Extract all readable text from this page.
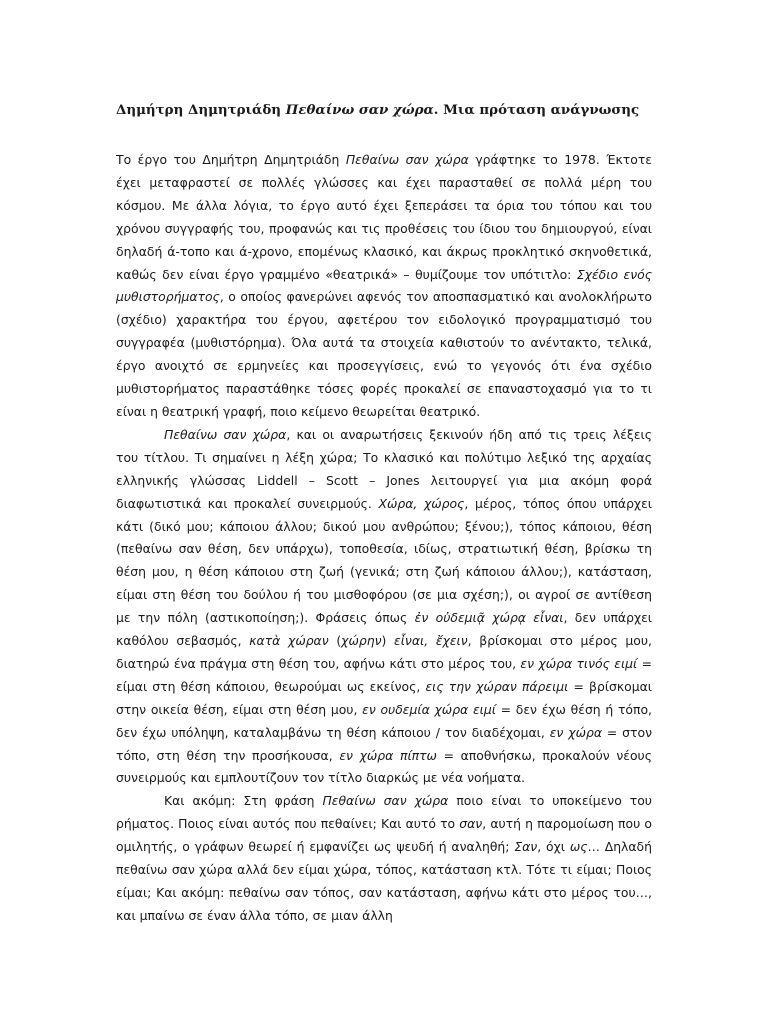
Δημήτρη Δημητριάδη Πεθαίνω σαν χώρα. Μια πρόταση ανάγνωσης

Το έργο του Δημήτρη Δημητριάδη Πεθαίνω σαν χώρα γράφτηκε το 1978. Έκτοτε έχει μεταφραστεί σε πολλές γλώσσες και έχει παρασταθεί σε πολλά μέρη του κόσμου. Με άλλα λόγια, το έργο αυτό έχει ξεπεράσει τα όρια του τόπου και του χρόνου συγγραφής του, προφανώς και τις προθέσεις του ίδιου του δημιουργού, είναι δηλαδή ά-τοπο και ά-χρονο, επομένως κλασικό, και άκρως προκλητικό σκηνοθετικά, καθώς δεν είναι έργο γραμμένο «θεατρικά» – θυμίζουμε τον υπότιτλο: Σχέδιο ενός μυθιστορήματος, ο οποίος φανερώνει αφενός τον αποσπασματικό και ανολοκλήρωτο (σχέδιο) χαρακτήρα του έργου, αφετέρου τον ειδολογικό προγραμματισμό του συγγραφέα (μυθιστόρημα). Όλα αυτά τα στοιχεία καθιστούν το ανέντακτο, τελικά, έργο ανοιχτό σε ερμηνείες και προσεγγίσεις, ενώ το γεγονός ότι ένα σχέδιο μυθιστορήματος παραστάθηκε τόσες φορές προκαλεί σε επαναστοχασμό για το τι είναι η θεατρική γραφή, ποιο κείμενο θεωρείται θεατρικό.

Πεθαίνω σαν χώρα, και οι αναρωτήσεις ξεκινούν ήδη από τις τρεις λέξεις του τίτλου. Τι σημαίνει η λέξη χώρα; Το κλασικό και πολύτιμο λεξικό της αρχαίας ελληνικής γλώσσας Liddell – Scott – Jones λειτουργεί για μια ακόμη φορά διαφωτιστικά και προκαλεί συνειρμούς. Χώρα, χώρος, μέρος, τόπος όπου υπάρχει κάτι (δικό μου; κάποιου άλλου; δικού μου ανθρώπου; ξένου;), τόπος κάποιου, θέση (πεθαίνω σαν θέση, δεν υπάρχω), τοποθεσία, ιδίως, στρατιωτική θέση, βρίσκω τη θέση μου, η θέση κάποιου στη ζωή (γενικά; στη ζωή κάποιου άλλου;), κατάσταση, είμαι στη θέση του δούλου ή του μισθοφόρου (σε μια σχέση;), οι αγροί σε αντίθεση με την πόλη (αστικοποίηση;). Φράσεις όπως ἐν οὐδεμιᾷ χώρᾳ εἶναι, δεν υπάρχει καθόλου σεβασμός, κατὰ χώραν (χώρην) εἶναι, ἔχειν, βρίσκομαι στο μέρος μου, διατηρώ ένα πράγμα στη θέση του, αφήνω κάτι στο μέρος του, εν χώρα τινός ειμί = είμαι στη θέση κάποιου, θεωρούμαι ως εκείνος, εις την χώραν πάρειμι = βρίσκομαι στην οικεία θέση, είμαι στη θέση μου, εν ουδεμία χώρα ειμί = δεν έχω θέση ή τόπο, δεν έχω υπόληψη, καταλαμβάνω τη θέση κάποιου / τον διαδέχομαι, εν χώρα = στον τόπο, στη θέση την προσήκουσα, εν χώρα πίπτω = αποθνήσκω, προκαλούν νέους συνειρμούς και εμπλουτίζουν τον τίτλο διαρκώς με νέα νοήματα.

Και ακόμη: Στη φράση Πεθαίνω σαν χώρα ποιο είναι το υποκείμενο του ρήματος. Ποιος είναι αυτός που πεθαίνει; Και αυτό το σαν, αυτή η παρομοίωση που ο ομιλητής, ο γράφων θεωρεί ή εμφανίζει ως ψευδή ή αναληθή; Σαν, όχι ως… Δηλαδή πεθαίνω σαν χώρα αλλά δεν είμαι χώρα, τόπος, κατάσταση κτλ. Τότε τι είμαι; Ποιος είμαι; Και ακόμη: πεθαίνω σαν τόπος, σαν κατάσταση, αφήνω κάτι στο μέρος του…, και μπαίνω σε έναν άλλα τόπο, σε μιαν άλλη
